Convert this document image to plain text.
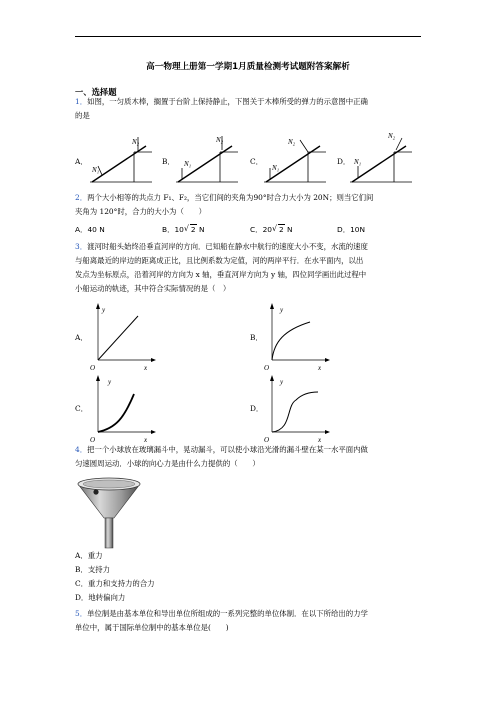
高一物理上册第一学期1月质量检测考试题附答案解析
一、选择题
1．如图，一匀质木棒，搁置于台阶上保持静止，下图关于木棒所受的弹力的示意图中正确
的是
A．	B．	C．	D．
N₂
N₁
N₂
N₁
N₂
N₁
N₂
N₁
2．两个大小相等的共点力 F₁、F₂，当它们间的夹角为90°时合力大小为 20N；则当它们间
夹角为 120°时，合力的大小为（　　）
A．40 N	B．10 √ 2 N	C．20 √ 2 N	D．10N
3．渡河时船头始终沿垂直河岸的方向．已知船在静水中航行的速度大小不变，水流的速度
与船离最近的岸边的距离成正比，且比例系数为定值，河的两岸平行．在水平面内，以出
发点为坐标原点，沿着河岸的方向为 x 轴，垂直河岸方向为 y 轴，四位同学画出此过程中
小船运动的轨迹，其中符合实际情况的是（　）
A．	B．
C．	D．
y
x
O
y
x
O
y
x
O
y
x
O
4．把一个小球放在玻璃漏斗中，晃动漏斗，可以使小球沿光滑的漏斗壁在某一水平面内做
匀速圆周运动．小球的向心力是由什么力提供的（　　）
A．重力
B．支持力
C．重力和支持力的合力
D．地转偏向力
5．单位制是由基本单位和导出单位所组成的一系列完整的单位体制．在以下所给出的力学
单位中，属于国际单位制中的基本单位是(　　)
